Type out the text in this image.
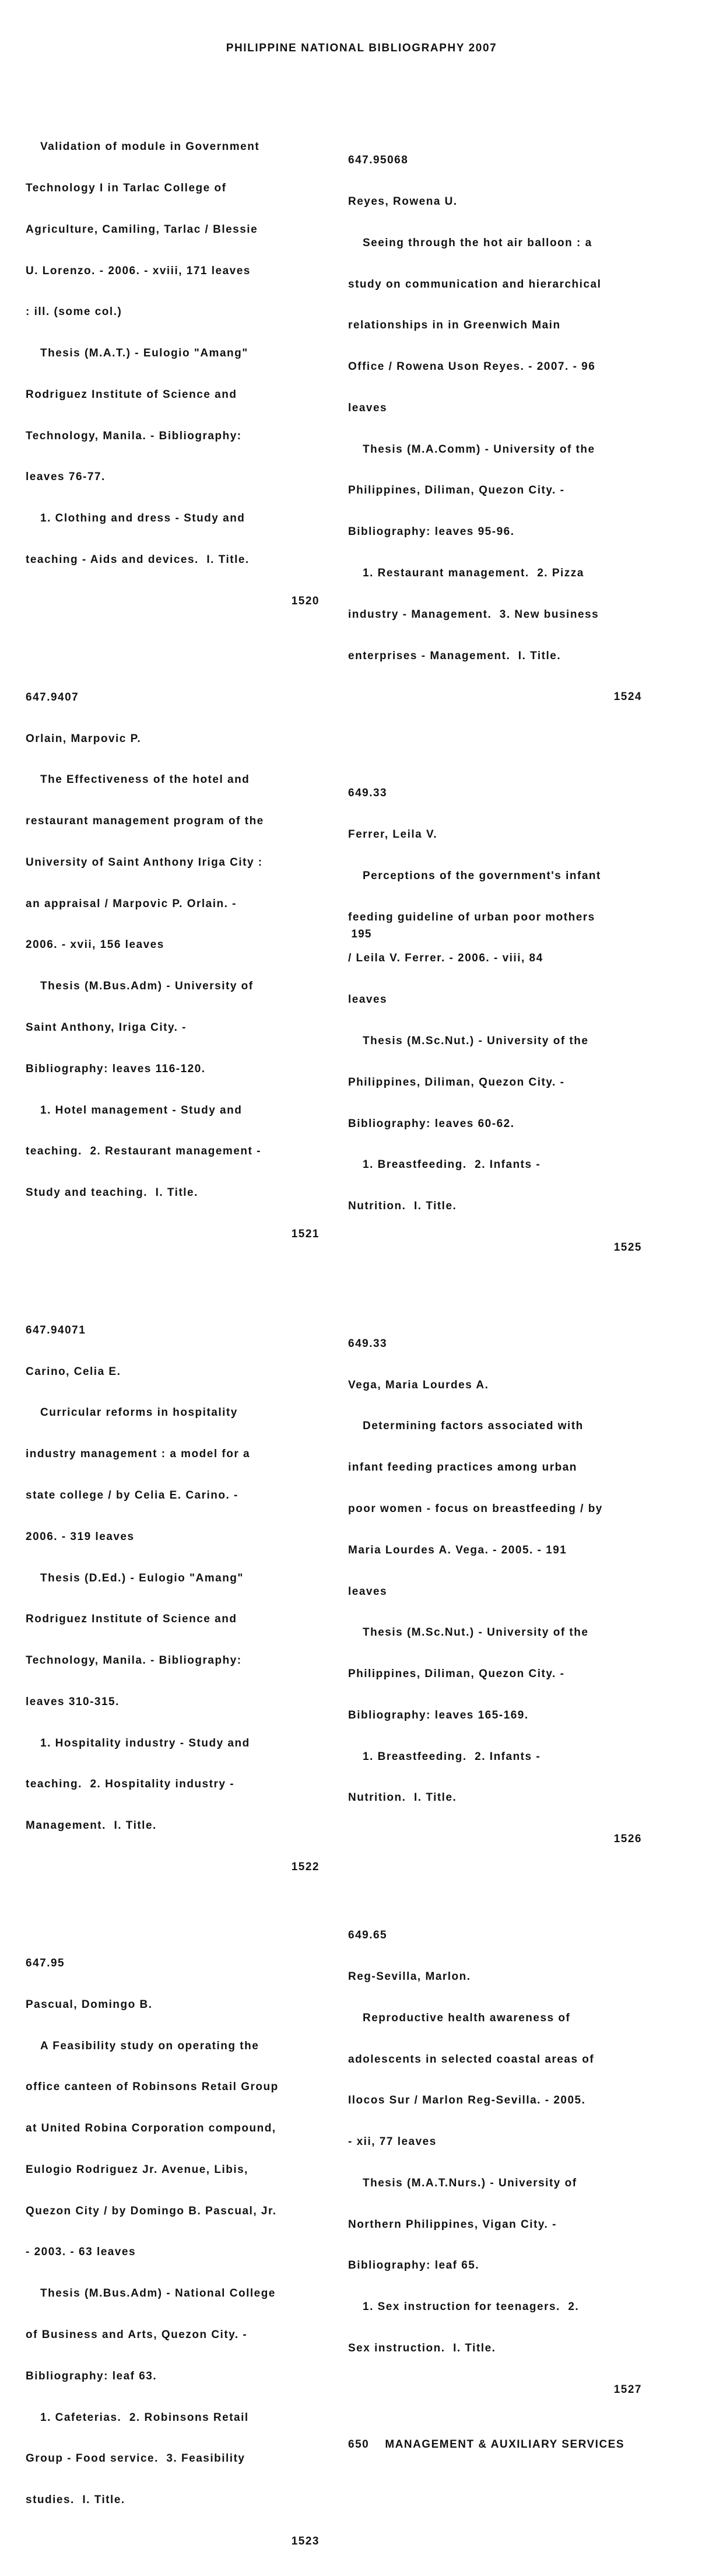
PHILIPPINE NATIONAL BIBLIOGRAPHY 2007

Validation of module in Government

Technology I in Tarlac College of

Agriculture, Camiling, Tarlac / Blessie

U. Lorenzo. - 2006. - xviii, 171 leaves

: ill. (some col.)

Thesis (M.A.T.) - Eulogio "Amang"

Rodriguez Institute of Science and

Technology, Manila. - Bibliography:

leaves 76-77.

1. Clothing and dress - Study and

teaching - Aids and devices.  I. Title.

1520

647.9407

Orlain, Marpovic P.

The Effectiveness of the hotel and

restaurant management program of the

University of Saint Anthony Iriga City :

an appraisal / Marpovic P. Orlain. -

2006. - xvii, 156 leaves

Thesis (M.Bus.Adm) - University of

Saint Anthony, Iriga City. -

Bibliography: leaves 116-120.

1. Hotel management - Study and

teaching.  2. Restaurant management -

Study and teaching.  I. Title.

1521

647.94071

Carino, Celia E.

Curricular reforms in hospitality

industry management : a model for a

state college / by Celia E. Carino. -

2006. - 319 leaves

Thesis (D.Ed.) - Eulogio "Amang"

Rodriguez Institute of Science and

Technology, Manila. - Bibliography:

leaves 310-315.

1. Hospitality industry - Study and

teaching.  2. Hospitality industry -

Management.  I. Title.

1522

647.95

Pascual, Domingo B.

A Feasibility study on operating the

office canteen of Robinsons Retail Group

at United Robina Corporation compound,

Eulogio Rodriguez Jr. Avenue, Libis,

Quezon City / by Domingo B. Pascual, Jr.

- 2003. - 63 leaves

Thesis (M.Bus.Adm) - National College

of Business and Arts, Quezon City. -

Bibliography: leaf 63.

1. Cafeterias.  2. Robinsons Retail

Group - Food service.  3. Feasibility

studies.  I. Title.

1523

647.95068

Reyes, Rowena U.

Seeing through the hot air balloon : a

study on communication and hierarchical

relationships in in Greenwich Main

Office / Rowena Uson Reyes. - 2007. - 96

leaves

Thesis (M.A.Comm) - University of the

Philippines, Diliman, Quezon City. -

Bibliography: leaves 95-96.

1. Restaurant management.  2. Pizza

industry - Management.  3. New business

enterprises - Management.  I. Title.

1524

649.33

Ferrer, Leila V.

Perceptions of the government's infant

feeding guideline of urban poor mothers

/ Leila V. Ferrer. - 2006. - viii, 84

leaves

Thesis (M.Sc.Nut.) - University of the

Philippines, Diliman, Quezon City. -

Bibliography: leaves 60-62.

1. Breastfeeding.  2. Infants -

Nutrition.  I. Title.

1525

649.33

Vega, Maria Lourdes A.

Determining factors associated with

infant feeding practices among urban

poor women - focus on breastfeeding / by

Maria Lourdes A. Vega. - 2005. - 191

leaves

Thesis (M.Sc.Nut.) - University of the

Philippines, Diliman, Quezon City. -

Bibliography: leaves 165-169.

1. Breastfeeding.  2. Infants -

Nutrition.  I. Title.

1526

649.65

Reg-Sevilla, Marlon.

Reproductive health awareness of

adolescents in selected coastal areas of

Ilocos Sur / Marlon Reg-Sevilla. - 2005.

- xii, 77 leaves

Thesis (M.A.T.Nurs.) - University of

Northern Philippines, Vigan City. -

Bibliography: leaf 65.

1. Sex instruction for teenagers.  2.

Sex instruction.  I. Title.

1527

650    MANAGEMENT & AUXILIARY SERVICES
195
